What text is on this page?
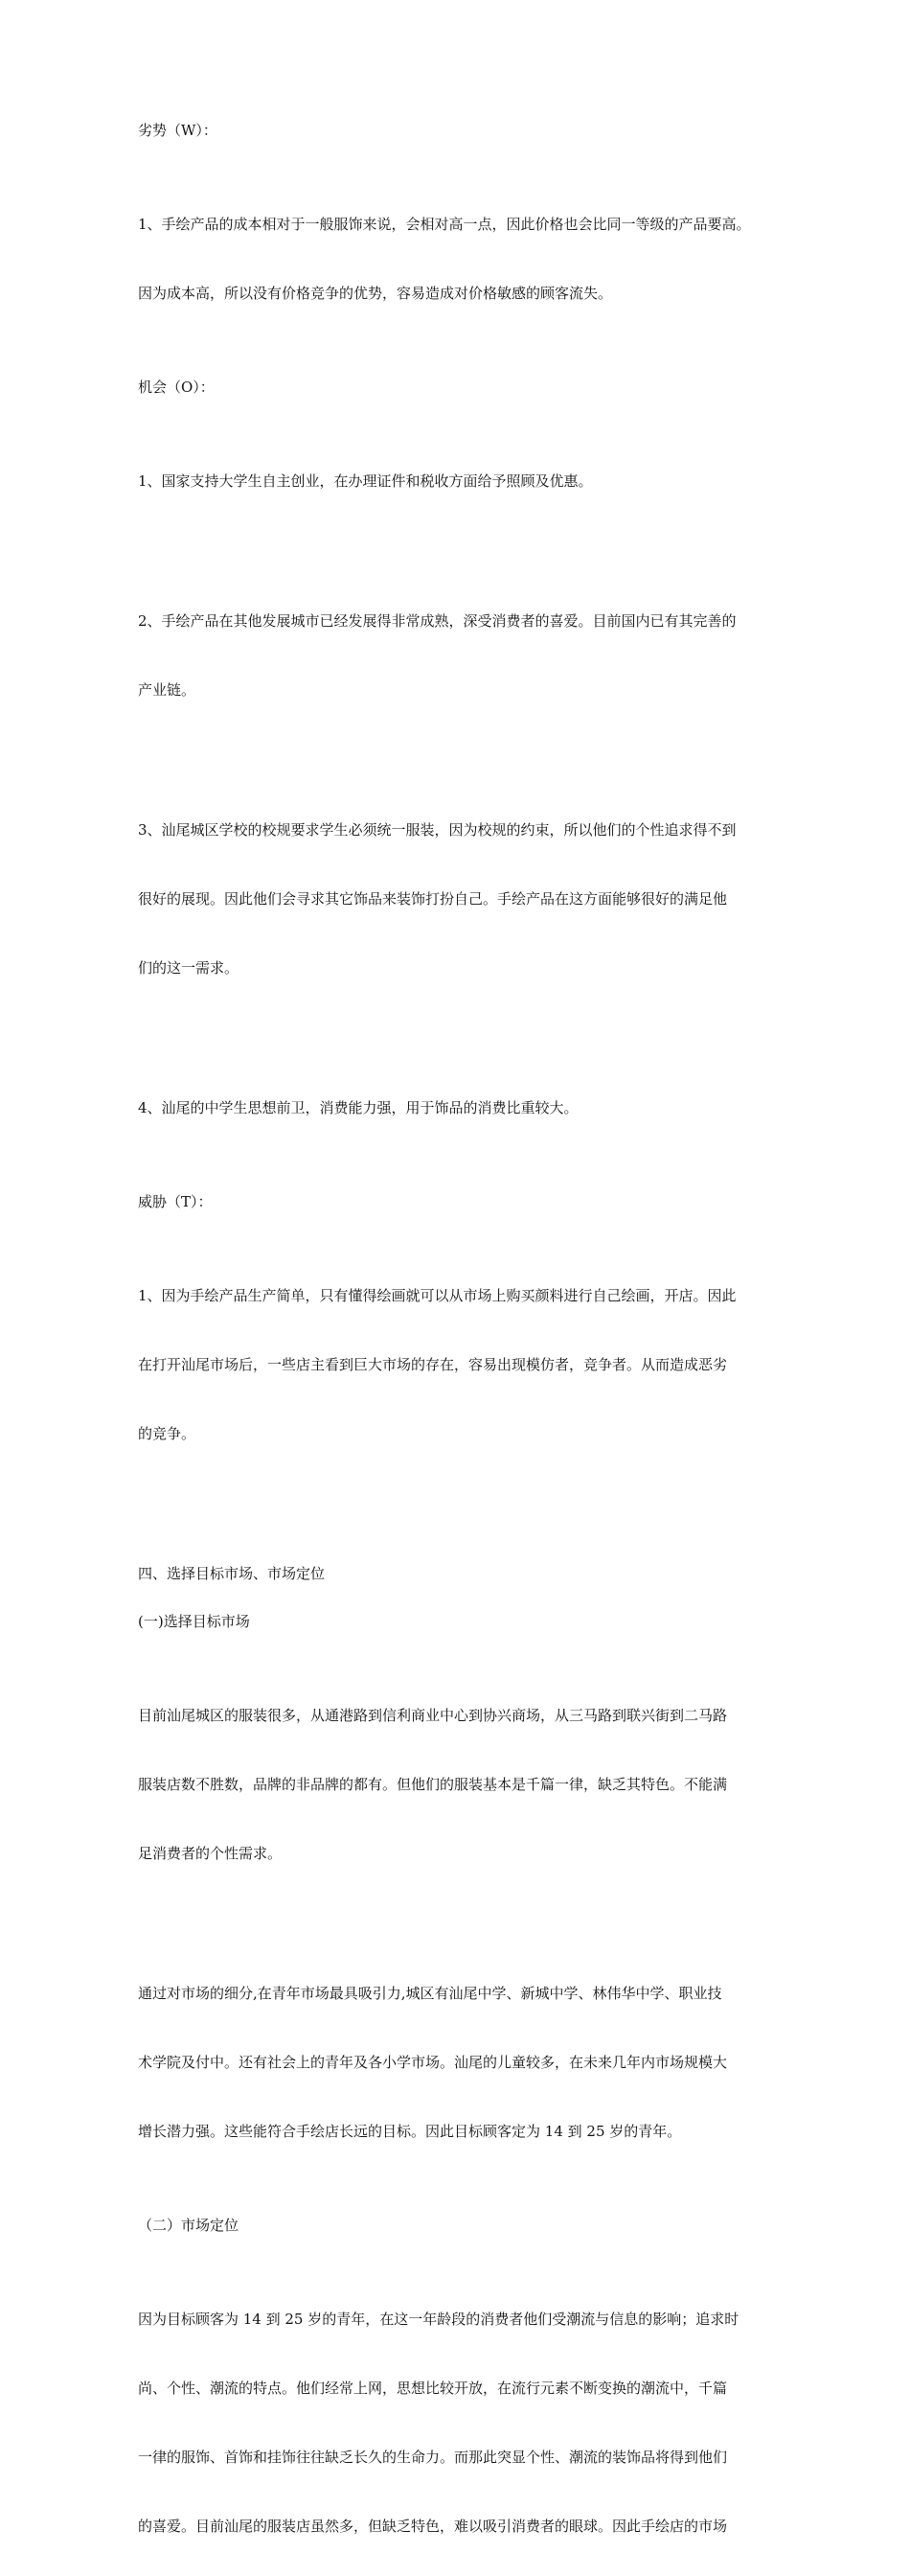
劣势（W）：

1、手绘产品的成本相对于一般服饰来说，会相对高一点，因此价格也会比同一等级的产品要高。

因为成本高，所以没有价格竞争的优势，容易造成对价格敏感的顾客流失。

机会（O）：

1、国家支持大学生自主创业，在办理证件和税收方面给予照顾及优惠。

2、手绘产品在其他发展城市已经发展得非常成熟，深受消费者的喜爱。目前国内已有其完善的

产业链。

3、汕尾城区学校的校规要求学生必须统一服装，因为校规的约束，所以他们的个性追求得不到

很好的展现。因此他们会寻求其它饰品来装饰打扮自己。手绘产品在这方面能够很好的满足他

们的这一需求。

4、汕尾的中学生思想前卫，消费能力强，用于饰品的消费比重较大。

威胁（T）：

1、因为手绘产品生产简单，只有懂得绘画就可以从市场上购买颜料进行自己绘画，开店。因此

在打开汕尾市场后，一些店主看到巨大市场的存在，容易出现模仿者，竞争者。从而造成恶劣

的竞争。

四、选择目标市场、市场定位

(一)选择目标市场

目前汕尾城区的服装很多，从通港路到信利商业中心到协兴商场，从三马路到联兴街到二马路

服装店数不胜数，品牌的非品牌的都有。但他们的服装基本是千篇一律，缺乏其特色。不能满

足消费者的个性需求。

通过对市场的细分,在青年市场最具吸引力,城区有汕尾中学、新城中学、林伟华中学、职业技

术学院及付中。还有社会上的青年及各小学市场。汕尾的儿童较多，在未来几年内市场规模大

增长潜力强。这些能符合手绘店长远的目标。因此目标顾客定为 14 到 25 岁的青年。

（二）市场定位

因为目标顾客为 14 到 25 岁的青年，在这一年龄段的消费者他们受潮流与信息的影响；追求时

尚、个性、潮流的特点。他们经常上网，思想比较开放，在流行元素不断变换的潮流中，千篇

一律的服饰、首饰和挂饰往往缺乏长久的生命力。而那此突显个性、潮流的装饰品将得到他们

的喜爱。目前汕尾的服装店虽然多，但缺乏特色，难以吸引消费者的眼球。因此手绘店的市场
